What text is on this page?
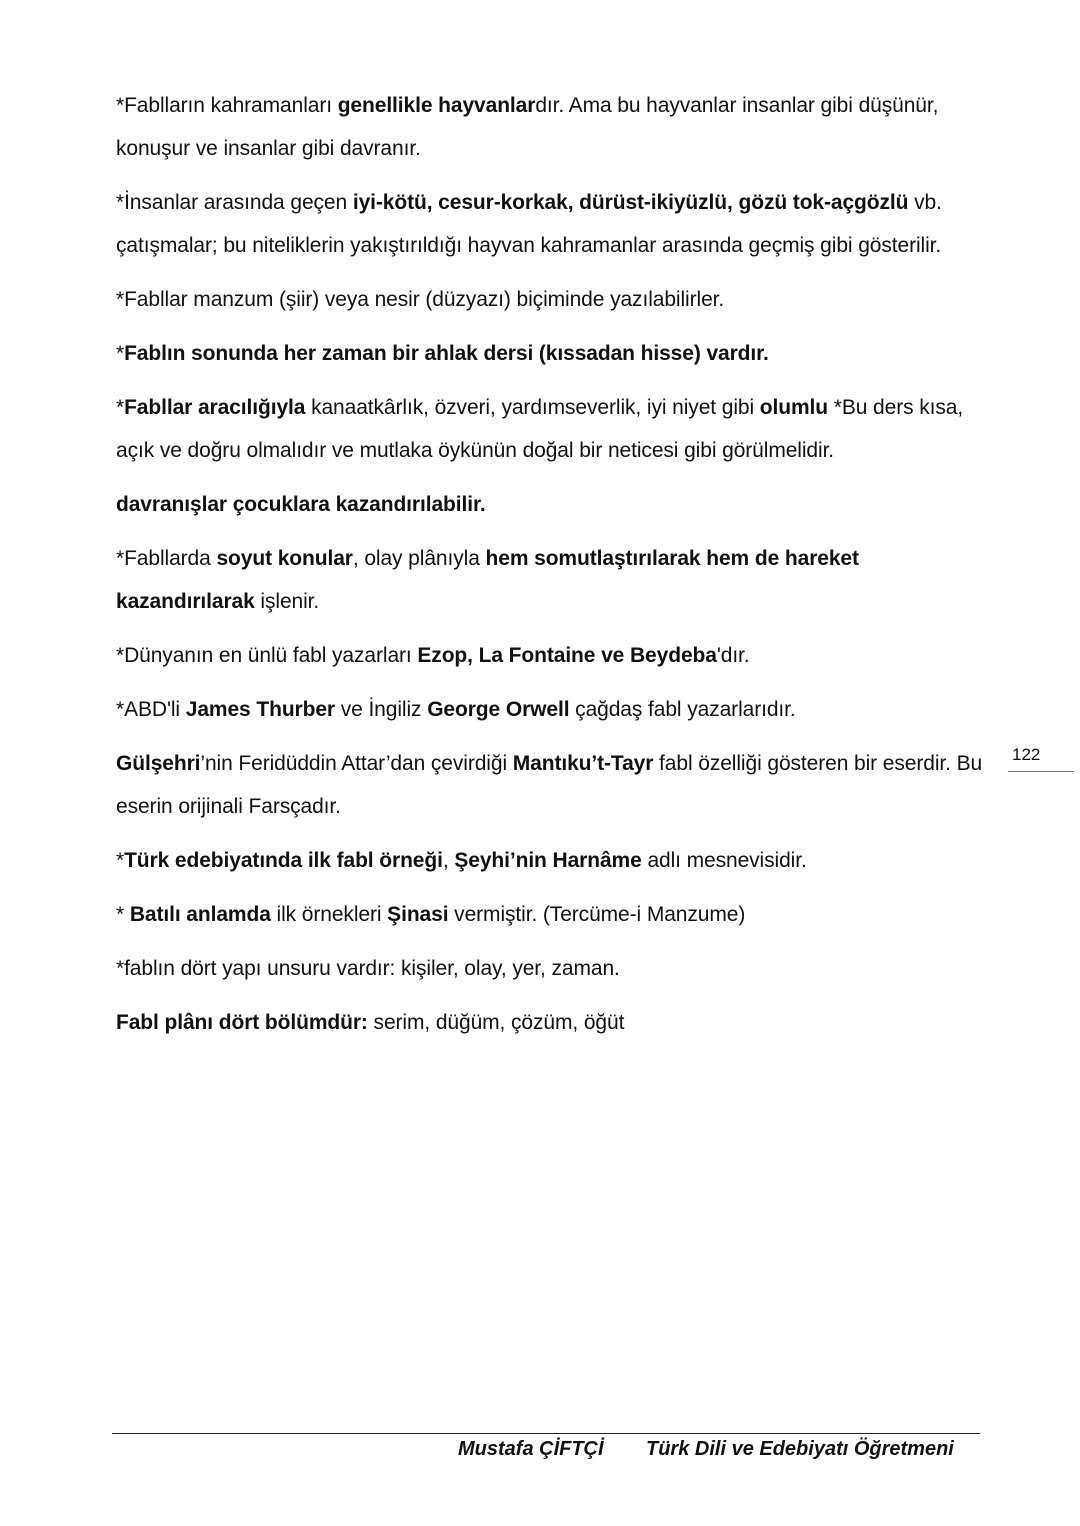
*Fablların kahramanları genellikle hayvanlardır. Ama bu hayvanlar insanlar gibi düşünür, konuşur ve insanlar gibi davranır.

*İnsanlar arasında geçen iyi-kötü, cesur-korkak, dürüst-ikiyüzlü, gözü tok-açgözlü vb. çatışmalar; bu niteliklerin yakıştırıldığı hayvan kahramanlar arasında geçmiş gibi gösterilir.

*Fabllar manzum (şiir) veya nesir (düzyazı) biçiminde yazılabilirler.

*Fablın sonunda her zaman bir ahlak dersi (kıssadan hisse) vardır.

*Fabllar aracılığıyla kanaatkârlık, özveri, yardımseverlik, iyi niyet gibi olumlu *Bu ders kısa, açık ve doğru olmalıdır ve mutlaka öykünün doğal bir neticesi gibi görülmelidir.

davranışlar çocuklara kazandırılabilir.

*Fabllarda soyut konular, olay plânıyla hem somutlaştırılarak hem de hareket kazandırılarak işlenir.

*Dünyanın en ünlü fabl yazarları Ezop, La Fontaine ve Beydeba'dır.

*ABD'li James Thurber ve İngiliz George Orwell çağdaş fabl yazarlarıdır.

Gülşehri’nin Feridüddin Attar’dan çevirdiği Mantıku’t-Tayr fabl özelliği gösteren bir eserdir. Bu eserin orijinali Farsçadır.

*Türk edebiyatında ilk fabl örneği, Şeyhi’nin Harnâme adlı mesnevisidir.

* Batılı anlamda ilk örnekleri Şinasi vermiştir. (Tercüme-i Manzume)

*fablın dört yapı unsuru vardır: kişiler, olay, yer, zaman.

Fabl plânı dört bölümdür: serim, düğüm, çözüm, öğüt

122
Mustafa ÇİFTÇİ Türk Dili ve Edebiyatı Öğretmeni
